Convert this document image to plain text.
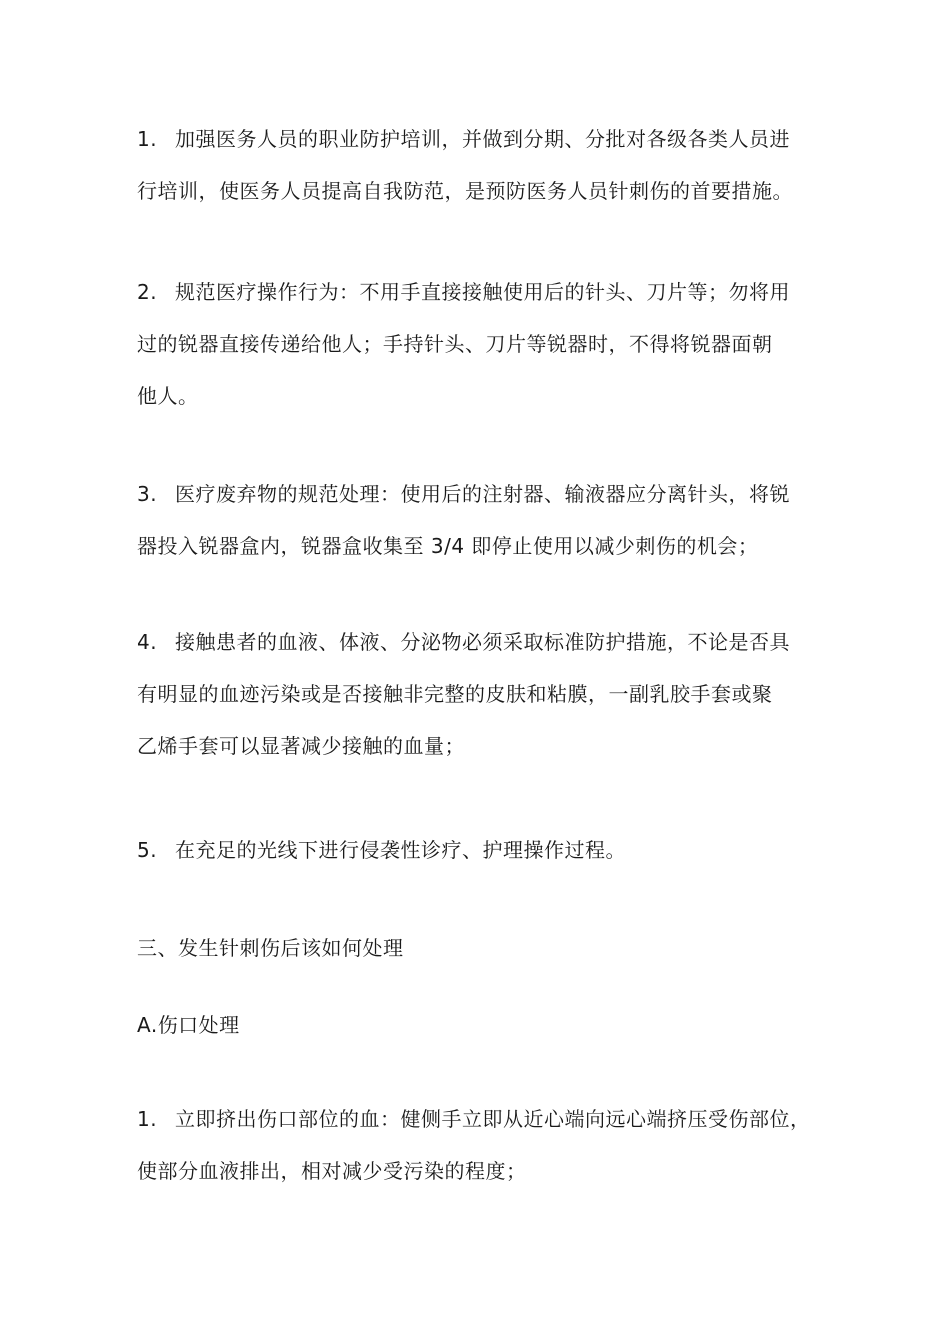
1. 加强医务人员的职业防护培训，并做到分期、分批对各级各类人员进
行培训，使医务人员提高自我防范，是预防医务人员针刺伤的首要措施。
2. 规范医疗操作行为：不用手直接接触使用后的针头、刀片等；勿将用
过的锐器直接传递给他人；手持针头、刀片等锐器时，不得将锐器面朝
他人。
3. 医疗废弃物的规范处理：使用后的注射器、输液器应分离针头，将锐
器投入锐器盒内，锐器盒收集至 3/4 即停止使用以减少刺伤的机会；
4. 接触患者的血液、体液、分泌物必须采取标准防护措施，不论是否具
有明显的血迹污染或是否接触非完整的皮肤和粘膜，一副乳胶手套或聚
乙烯手套可以显著减少接触的血量；
5. 在充足的光线下进行侵袭性诊疗、护理操作过程。
三、发生针刺伤后该如何处理
A.伤口处理
1. 立即挤出伤口部位的血：健侧手立即从近心端向远心端挤压受伤部位，
使部分血液排出，相对减少受污染的程度；
